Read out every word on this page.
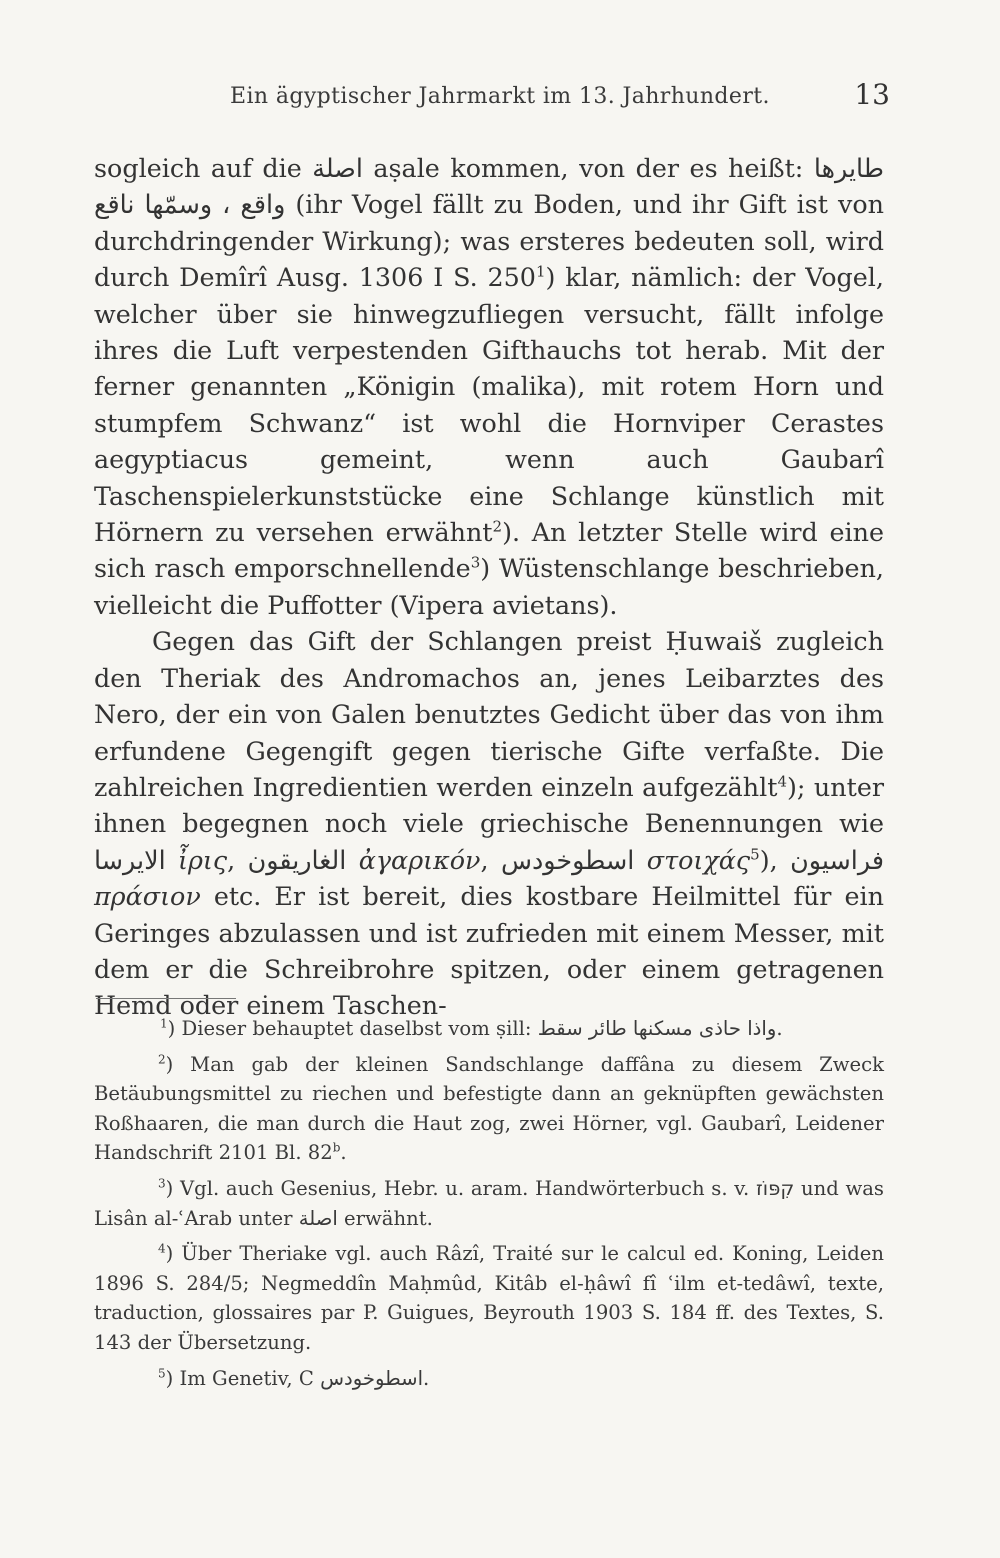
Ein ägyptischer Jahrmarkt im 13. Jahrhundert.	13

sogleich auf die اصلة aṣale kommen, von der es heißt: طايرها واقع ، وسمّها ناقع (ihr Vogel fällt zu Boden, und ihr Gift ist von durchdringender Wirkung); was ersteres bedeuten soll, wird durch Demîrî Ausg. 1306 I S. $250^1$) klar, nämlich: der Vogel, welcher über sie hinwegzufliegen versucht, fällt infolge ihres die Luft verpestenden Gifthauchs tot herab. Mit der ferner genannten „Königin (malika), mit rotem Horn und stumpfem Schwanz“ ist wohl die Hornviper Cerastes aegyptiacus gemeint, wenn auch Gaubarî Taschenspielerkunststücke eine Schlange künstlich mit Hörnern zu versehen erwähnt$^2$). An letzter Stelle wird eine sich rasch emporschnellende$^3$) Wüstenschlange beschrieben, vielleicht die Puffotter (Vipera avietans).

Gegen das Gift der Schlangen preist Ḥuwaiš zugleich den Theriak des Andromachos an, jenes Leibarztes des Nero, der ein von Galen benutztes Gedicht über das von ihm erfundene Gegengift gegen tierische Gifte verfaßte. Die zahlreichen Ingredientien werden einzeln aufgezählt$^4$); unter ihnen begegnen noch viele griechische Benennungen wie الايرسا ἶρις, الغاريقون ἀγαρικόν, اسطوخودس στοιχάς$^5$), فراسيون πράσιον etc. Er ist bereit, dies kostbare Heilmittel für ein Geringes abzulassen und ist zufrieden mit einem Messer, mit dem er die Schreibrohre spitzen, oder einem getragenen Hemd oder einem Taschen-

$^1$) Dieser behauptet daselbst vom ṣill: واذا حاذى مسكنها طائر سقط.

$^2$) Man gab der kleinen Sandschlange daffâna zu diesem Zweck Betäubungsmittel zu riechen und befestigte dann an geknüpften gewächsten Roßhaaren, die man durch die Haut zog, zwei Hörner, vgl. Gaubarî, Leidener Handschrift 2101 Bl. 82$^b$.

$^3$) Vgl. auch Gesenius, Hebr. u. aram. Handwörterbuch s. v. קִפּוֹז und was Lisân al-ʿArab unter اصلة erwähnt.

$^4$) Über Theriake vgl. auch Râzî, Traité sur le calcul ed. Koning, Leiden 1896 S. 284/5; Negmeddîn Maḥmûd, Kitâb el-ḥâwî fî ʿilm et-tedâwî, texte, traduction, glossaires par P. Guigues, Beyrouth 1903 S. 184 ff. des Textes, S. 143 der Übersetzung.

$^5$) Im Genetiv, C اسطوخودس.
